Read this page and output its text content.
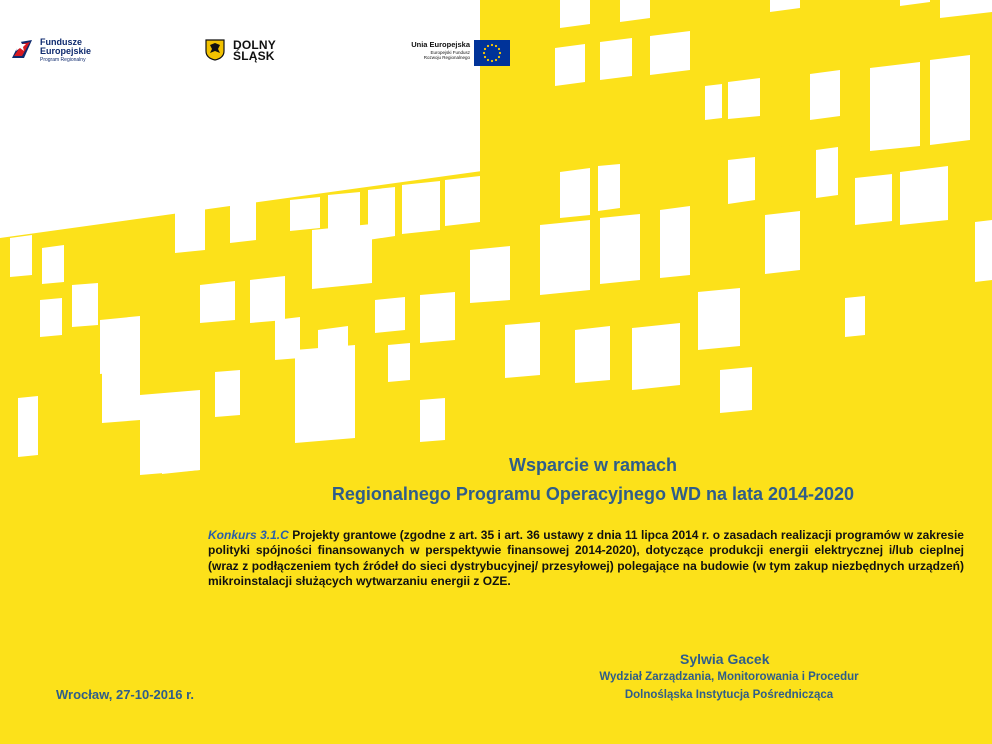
Fundusze
Europejskie
Program Regionalny
DOLNY
ŚLĄSK
Unia Europejska
Europejski Fundusz
Rozwoju Regionalnego
Wsparcie w ramach
Regionalnego Programu Operacyjnego WD na lata 2014-2020
Konkurs 3.1.C Projekty grantowe (zgodne z art. 35 i art. 36 ustawy z dnia 11 lipca 2014 r. o zasadach realizacji programów w zakresie polityki spójności finansowanych w perspektywie finansowej 2014-2020), dotyczące produkcji energii elektrycznej i/lub cieplnej (wraz z podłączeniem tych źródeł do sieci dystrybucyjnej/ przesyłowej) polegające na budowie (w tym zakup niezbędnych urządzeń) mikroinstalacji służących wytwarzaniu energii z OZE.
Sylwia Gacek
Wydział Zarządzania, Monitorowania i Procedur
Dolnośląska Instytucja Pośrednicząca
Wrocław, 27-10-2016 r.
